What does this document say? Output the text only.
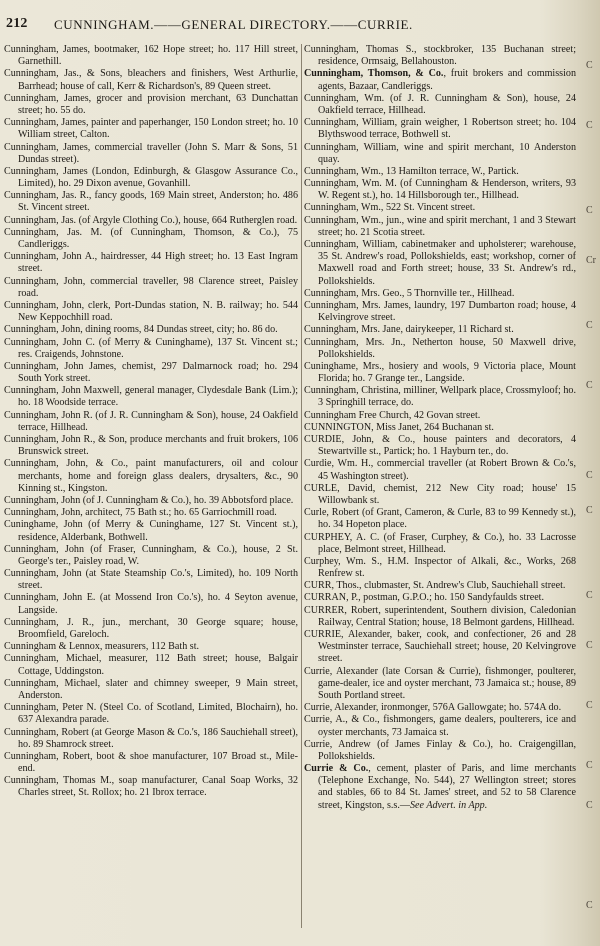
212 CUNNINGHAM.——GENERAL DIRECTORY.——CURRIE.
Cunningham, James, bootmaker, 162 Hope street; ho. 117 Hill street, Garnethill.
Cunningham, Jas., & Sons, bleachers and finishers, West Arthurlie, Barrhead; house of call, Kerr & Richardson's, 89 Queen street.
Cunningham, James, grocer and provision merchant, 63 Dunchattan street; ho. 55 do.
Cunningham, James, painter and paperhanger, 150 London street; ho. 10 William street, Calton.
Cunningham, James, commercial traveller (John S. Marr & Sons, 51 Dundas street).
Cunningham, James (London, Edinburgh, & Glasgow Assurance Co., Limited), ho. 29 Dixon avenue, Govanhill.
Cunningham, Jas. R., fancy goods, 169 Main street, Anderston; ho. 486 St. Vincent street.
Cunningham, Jas. (of Argyle Clothing Co.), house, 664 Rutherglen road.
Cunningham, Jas. M. (of Cunningham, Thomson, & Co.), 75 Candleriggs.
Cunningham, John A., hairdresser, 44 High street; ho. 13 East Ingram street.
Cunningham, John, commercial traveller, 98 Clarence street, Paisley road.
Cunningham, John, clerk, Port-Dundas station, N. B. railway; ho. 544 New Keppochhill road.
Cunningham, John, dining rooms, 84 Dundas street, city; ho. 86 do.
Cunningham, John C. (of Merry & Cuninghame), 137 St. Vincent st.; res. Craigends, Johnstone.
Cunningham, John James, chemist, 297 Dalmarnock road; ho. 294 South York street.
Cunningham, John Maxwell, general manager, Clydesdale Bank (Lim.); ho. 18 Woodside terrace.
Cunningham, John R. (of J. R. Cunningham & Son), house, 24 Oakfield terrace, Hillhead.
Cunningham, John R., & Son, produce merchants and fruit brokers, 106 Brunswick street.
Cunningham, John, & Co., paint manufacturers, oil and colour merchants, home and foreign glass dealers, drysalters, &c., 90 Kinning st., Kingston.
Cunningham, John (of J. Cunningham & Co.), ho. 39 Abbotsford place.
Cunningham, John, architect, 75 Bath st.; ho. 65 Garriochmill road.
Cuninghame, John (of Merry & Cuninghame, 127 St. Vincent st.), residence, Alderbank, Bothwell.
Cunningham, John (of Fraser, Cunningham, & Co.), house, 2 St. George's ter., Paisley road, W.
Cunningham, John (at State Steamship Co.'s, Limited), ho. 109 North street.
Cunningham, John E. (at Mossend Iron Co.'s), ho. 4 Seyton avenue, Langside.
Cunningham, J. R., jun., merchant, 30 George square; house, Broomfield, Gareloch.
Cunningham & Lennox, measurers, 112 Bath st.
Cunningham, Michael, measurer, 112 Bath street; house, Balgair Cottage, Uddingston.
Cunningham, Michael, slater and chimney sweeper, 9 Main street, Anderston.
Cunningham, Peter N. (Steel Co. of Scotland, Limited, Blochairn), ho. 637 Alexandra parade.
Cunningham, Robert (at George Mason & Co.'s, 186 Sauchiehall street), ho. 89 Shamrock street.
Cunningham, Robert, boot & shoe manufacturer, 107 Broad st., Mile-end.
Cunningham, Thomas M., soap manufacturer, Canal Soap Works, 32 Charles street, St. Rollox; ho. 21 Ibrox terrace.
Cunningham, Thomas S., stockbroker, 135 Buchanan street; residence, Ormsaig, Bellahouston.
Cunningham, Thomson, & Co., fruit brokers and commission agents, Bazaar, Candleriggs.
Cunningham, Wm. (of J. R. Cunningham & Son), house, 24 Oakfield terrace, Hillhead.
Cunningham, William, grain weigher, 1 Robertson street; ho. 104 Blythswood terrace, Bothwell st.
Cunningham, William, wine and spirit merchant, 10 Anderston quay.
Cunningham, Wm., 13 Hamilton terrace, W., Partick.
Cunningham, Wm. M. (of Cunningham & Henderson, writers, 93 W. Regent st.), ho. 14 Hillsborough ter., Hillhead.
Cunningham, Wm., 522 St. Vincent street.
Cunningham, Wm., jun., wine and spirit merchant, 1 and 3 Stewart street; ho. 21 Scotia street.
Cunningham, William, cabinetmaker and upholsterer; warehouse, 35 St. Andrew's road, Pollokshields, east; workshop, corner of Maxwell road and Forth street; house, 33 St. Andrew's rd., Pollokshields.
Cunningham, Mrs. Geo., 5 Thornville ter., Hillhead.
Cunningham, Mrs. James, laundry, 197 Dumbarton road; house, 4 Kelvingrove street.
Cunningham, Mrs. Jane, dairykeeper, 11 Richard st.
Cunningham, Mrs. Jn., Netherton house, 50 Maxwell drive, Pollokshields.
Cuninghame, Mrs., hosiery and wools, 9 Victoria place, Mount Florida; ho. 7 Grange ter., Langside.
Cunningham, Christina, milliner, Wellpark place, Crossmyloof; ho. 3 Springhill terrace, do.
Cunningham Free Church, 42 Govan street.
CUNNINGTON, Miss Janet, 264 Buchanan st.
CURDIE, John, & Co., house painters and decorators, 4 Stewartville st., Partick; ho. 1 Hayburn ter., do.
Curdie, Wm. H., commercial traveller (at Robert Brown & Co.'s, 45 Washington street).
CURLE, David, chemist, 212 New City road; house' 15 Willowbank st.
Curle, Robert (of Grant, Cameron, & Curle, 83 to 99 Kennedy st.), ho. 34 Hopeton place.
CURPHEY, A. C. (of Fraser, Curphey, & Co.), ho. 33 Lacrosse place, Belmont street, Hillhead.
Curphey, Wm. S., H.M. Inspector of Alkali, &c., Works, 268 Renfrew st.
CURR, Thos., clubmaster, St. Andrew's Club, Sauchiehall street.
CURRAN, P., postman, G.P.O.; ho. 150 Sandyfaulds street.
CURRER, Robert, superintendent, Southern division, Caledonian Railway, Central Station; house, 18 Belmont gardens, Hillhead.
CURRIE, Alexander, baker, cook, and confectioner, 26 and 28 Westminster terrace, Sauchiehall street; house, 20 Kelvingrove street.
Currie, Alexander (late Corsan & Currie), fishmonger, poulterer, game-dealer, ice and oyster merchant, 73 Jamaica st.; house, 89 South Portland street.
Currie, Alexander, ironmonger, 576A Gallowgate; ho. 574A do.
Currie, A., & Co., fishmongers, game dealers, poulterers, ice and oyster merchants, 73 Jamaica st.
Currie, Andrew (of James Finlay & Co.), ho. Craigengillan, Pollokshields.
Currie & Co., cement, plaster of Paris, and lime merchants (Telephone Exchange, No. 544), 27 Wellington street; stores and stables, 66 to 84 St. James' street, and 52 to 58 Clarence street, Kingston, s.s.—See Advert. in App.
C
C
C
Cr
C
C
C
C
C
C
C
C
C
C
